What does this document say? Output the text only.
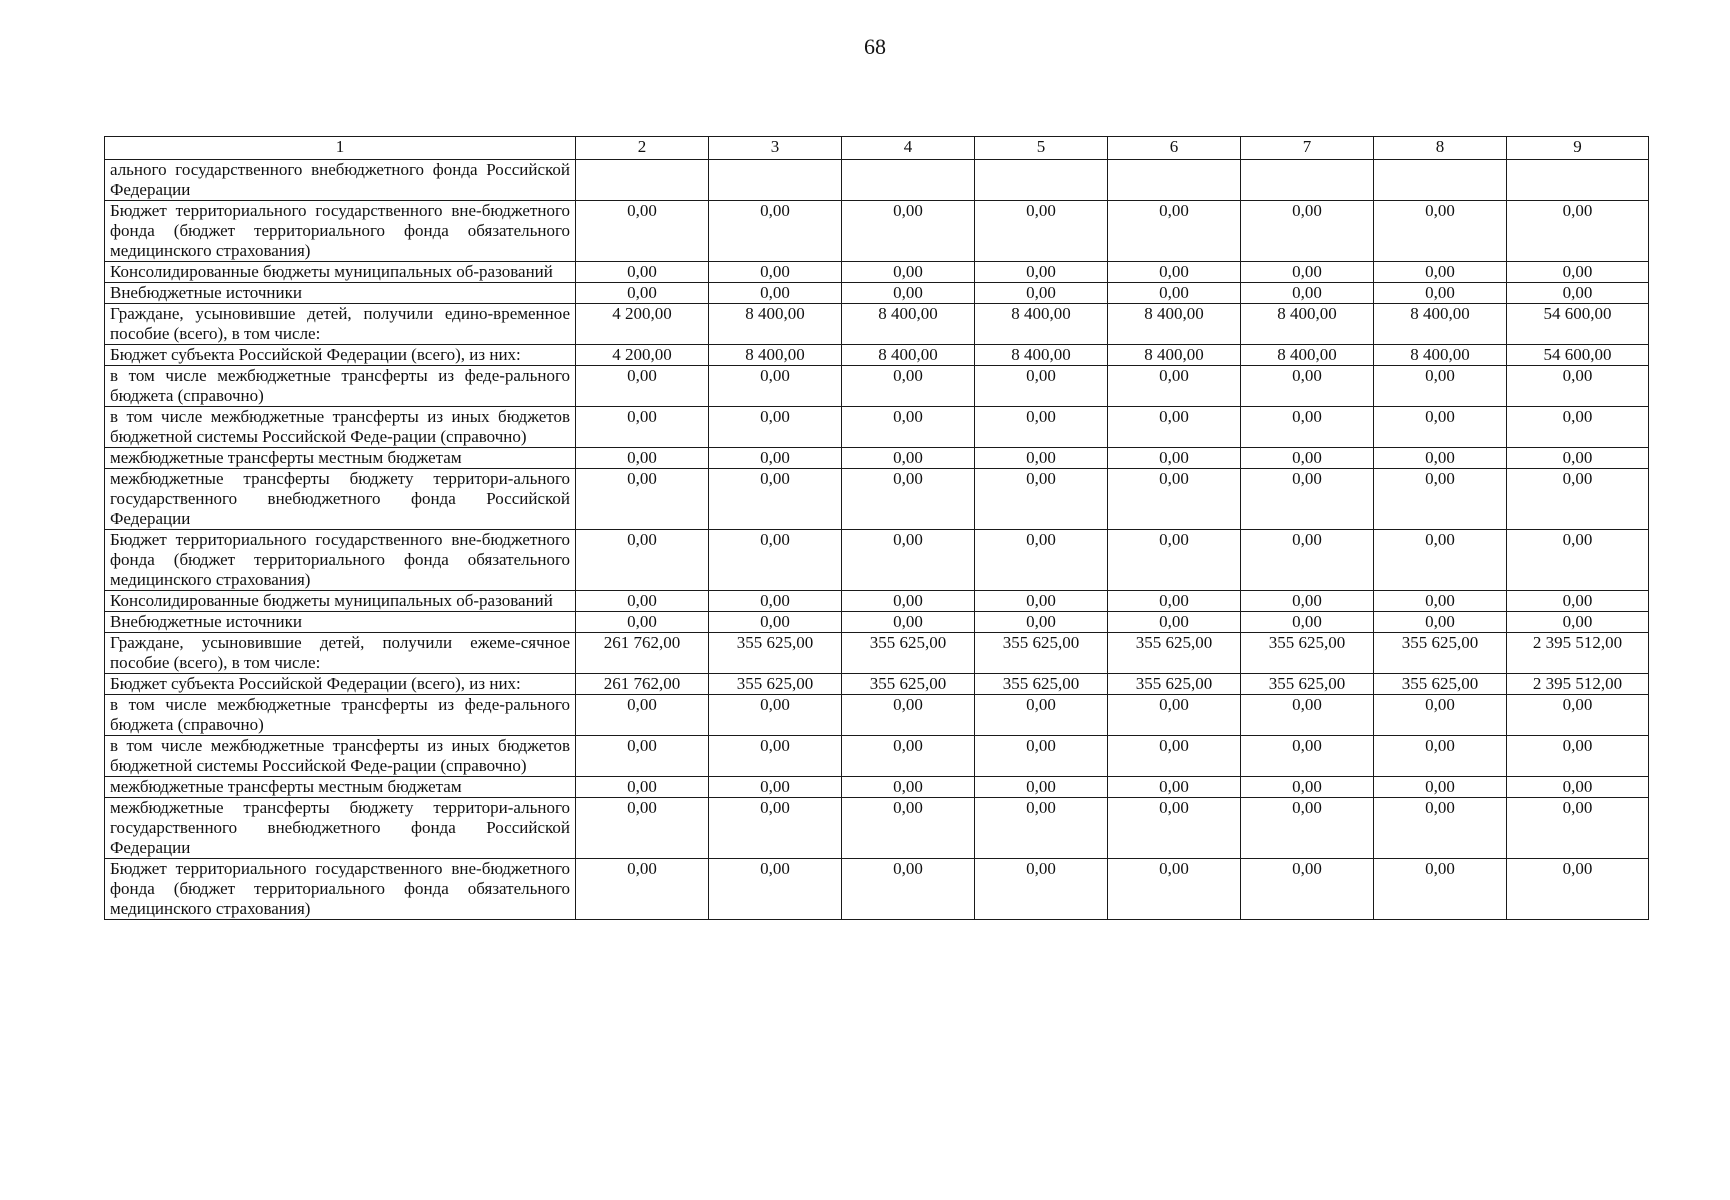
68
1	2	3	4	5	6	7	8	9
ального государственного внебюджетного фонда Российской Федерации								
Бюджет территориального государственного вне-бюджетного фонда (бюджет территориального фонда обязательного медицинского страхования)	0,00	0,00	0,00	0,00	0,00	0,00	0,00	0,00
Консолидированные бюджеты муниципальных об-разований	0,00	0,00	0,00	0,00	0,00	0,00	0,00	0,00
Внебюджетные источники	0,00	0,00	0,00	0,00	0,00	0,00	0,00	0,00
Граждане, усыновившие детей, получили едино-временное пособие (всего), в том числе:	4 200,00	8 400,00	8 400,00	8 400,00	8 400,00	8 400,00	8 400,00	54 600,00
Бюджет субъекта Российской Федерации (всего), из них:	4 200,00	8 400,00	8 400,00	8 400,00	8 400,00	8 400,00	8 400,00	54 600,00
в том числе межбюджетные трансферты из феде-рального бюджета (справочно)	0,00	0,00	0,00	0,00	0,00	0,00	0,00	0,00
в том числе межбюджетные трансферты из иных бюджетов бюджетной системы Российской Феде-рации (справочно)	0,00	0,00	0,00	0,00	0,00	0,00	0,00	0,00
межбюджетные трансферты местным бюджетам	0,00	0,00	0,00	0,00	0,00	0,00	0,00	0,00
межбюджетные трансферты бюджету территори-ального государственного внебюджетного фонда Российской Федерации	0,00	0,00	0,00	0,00	0,00	0,00	0,00	0,00
Бюджет территориального государственного вне-бюджетного фонда (бюджет территориального фонда обязательного медицинского страхования)	0,00	0,00	0,00	0,00	0,00	0,00	0,00	0,00
Консолидированные бюджеты муниципальных об-разований	0,00	0,00	0,00	0,00	0,00	0,00	0,00	0,00
Внебюджетные источники	0,00	0,00	0,00	0,00	0,00	0,00	0,00	0,00
Граждане, усыновившие детей, получили ежеме-сячное пособие (всего), в том числе:	261 762,00	355 625,00	355 625,00	355 625,00	355 625,00	355 625,00	355 625,00	2 395 512,00
Бюджет субъекта Российской Федерации (всего), из них:	261 762,00	355 625,00	355 625,00	355 625,00	355 625,00	355 625,00	355 625,00	2 395 512,00
в том числе межбюджетные трансферты из феде-рального бюджета (справочно)	0,00	0,00	0,00	0,00	0,00	0,00	0,00	0,00
в том числе межбюджетные трансферты из иных бюджетов бюджетной системы Российской Феде-рации (справочно)	0,00	0,00	0,00	0,00	0,00	0,00	0,00	0,00
межбюджетные трансферты местным бюджетам	0,00	0,00	0,00	0,00	0,00	0,00	0,00	0,00
межбюджетные трансферты бюджету территори-ального государственного внебюджетного фонда Российской Федерации	0,00	0,00	0,00	0,00	0,00	0,00	0,00	0,00
Бюджет территориального государственного вне-бюджетного фонда (бюджет территориального фонда обязательного медицинского страхования)	0,00	0,00	0,00	0,00	0,00	0,00	0,00	0,00
